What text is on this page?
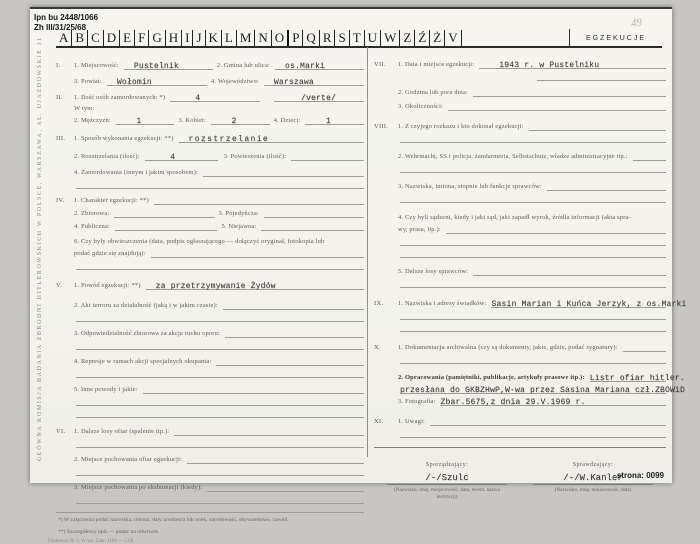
Ipn bu 2448/1066
Zh III/31/25/68	49
A B C D E F G H I J K L M N O P Q R S T U W Z Ź Ż V	EGZEKUCJE
GŁÓWNA KOMISJA BADANIA ZBRODNI HITLEROWSKICH W POLSCE, WARSZAWA, AL. UJAZDOWSKIE 11 I.	1. Miejscowość:	Pustelnik	2. Gmina lub ulica:	os.Marki
3. Powiat:	Wołomin	4. Województwo:	Warszawa
II.	1. Ilość osób zamordowanych: *)	4	/verte/
W tym:
2. Mężczyzn:	1	3. Kobiet:	2	4. Dzieci:	1
III.	1. Sposób wykonania egzekucji: **)	rozstrzelanie
2. Rozstrzelania (ilość):	4	3. Powieszenia (ilość):
4. Zamordowania (innym i jakim sposobem):
IV.	1. Charakter egzekucji: **)
2. Zbiorowa:	3. Pojedyńcza:
4. Publiczna:	5. Niejawna:
6. Czy były obwieszczenia (data, podpis ogłaszającego — dołączyć oryginał, fotokopia lub
podać gdzie się znajdują):
V.	1. Powód egzekucji: **)	za przetrzymywanie Żydów
2. Akt terroru za działalność (jaką i w jakim czasie):
3. Odpowiedzialność zbiorowa za akcje ruchu oporu:
4. Represje w ramach akcji specjalnych okupanta:
5. Inne powody i jakie:
VI.	1. Dalsze losy ofiar (spalenie itp.):
2. Miejsce pochowania ofiar egzekucji:
3. Miejsce pochowania po ekshumacji (kiedy):
*) W załączeniu podać nazwiska, imiona, daty urodzenia lub wiek, narodowość, obywatelstwo, zawód.
**) Szczegółowy opis — podać na odwrocie.
Drukarnia Nr 1, W-wa, Zam. 1169 — 5.68.
VII.	1. Data i miejsce egzekucji:	1943 r. w Pustelniku
2. Godzina lub pora dnia:
3. Okoliczności:
VIII.	1. Z czyjego rozkazu i kto dokonał egzekucji:
2. Wehrmacht, SS i policja, żandarmeria, Selbstschutz, władze administracyjne itp.:
3. Nazwiska, imiona, stopnie lub funkcje sprawców:
4. Czy byli sądzeni, kiedy i jaki sąd, jaki zapadł wyrok, źródła informacji (akta spra-
wy, prasa, itp.):
5. Dalsze losy sprawców:
IX.	1. Nazwiska i adresy świadków: Sasin Marian i Kuńca Jerzyk, z os.Marki
X.	1. Dokumentacja archiwalna (czy są dokumenty, jakie, gdzie, podać sygnatury):
2. Opracowania (pamiętniki, publikacje, artykuły prasowe itp.): Listr ofiar hitler.
przesłana do GKBZHwP,W-wa przez Sasina Mariana czł.ZBOWiD
3. Fotografia: Zbar.5675,z dnia 29.V.1969 r.
XI.	1. Uwagi:
Sporządzający:
/-/Szulc
(Nazwisko, imię, miejscowość, data, ewent. nazwa instytucji)
Sprawdzający:
/-/W.Kanler
(Nazwisko, imię, miejscowość, data)
strona: 0099
